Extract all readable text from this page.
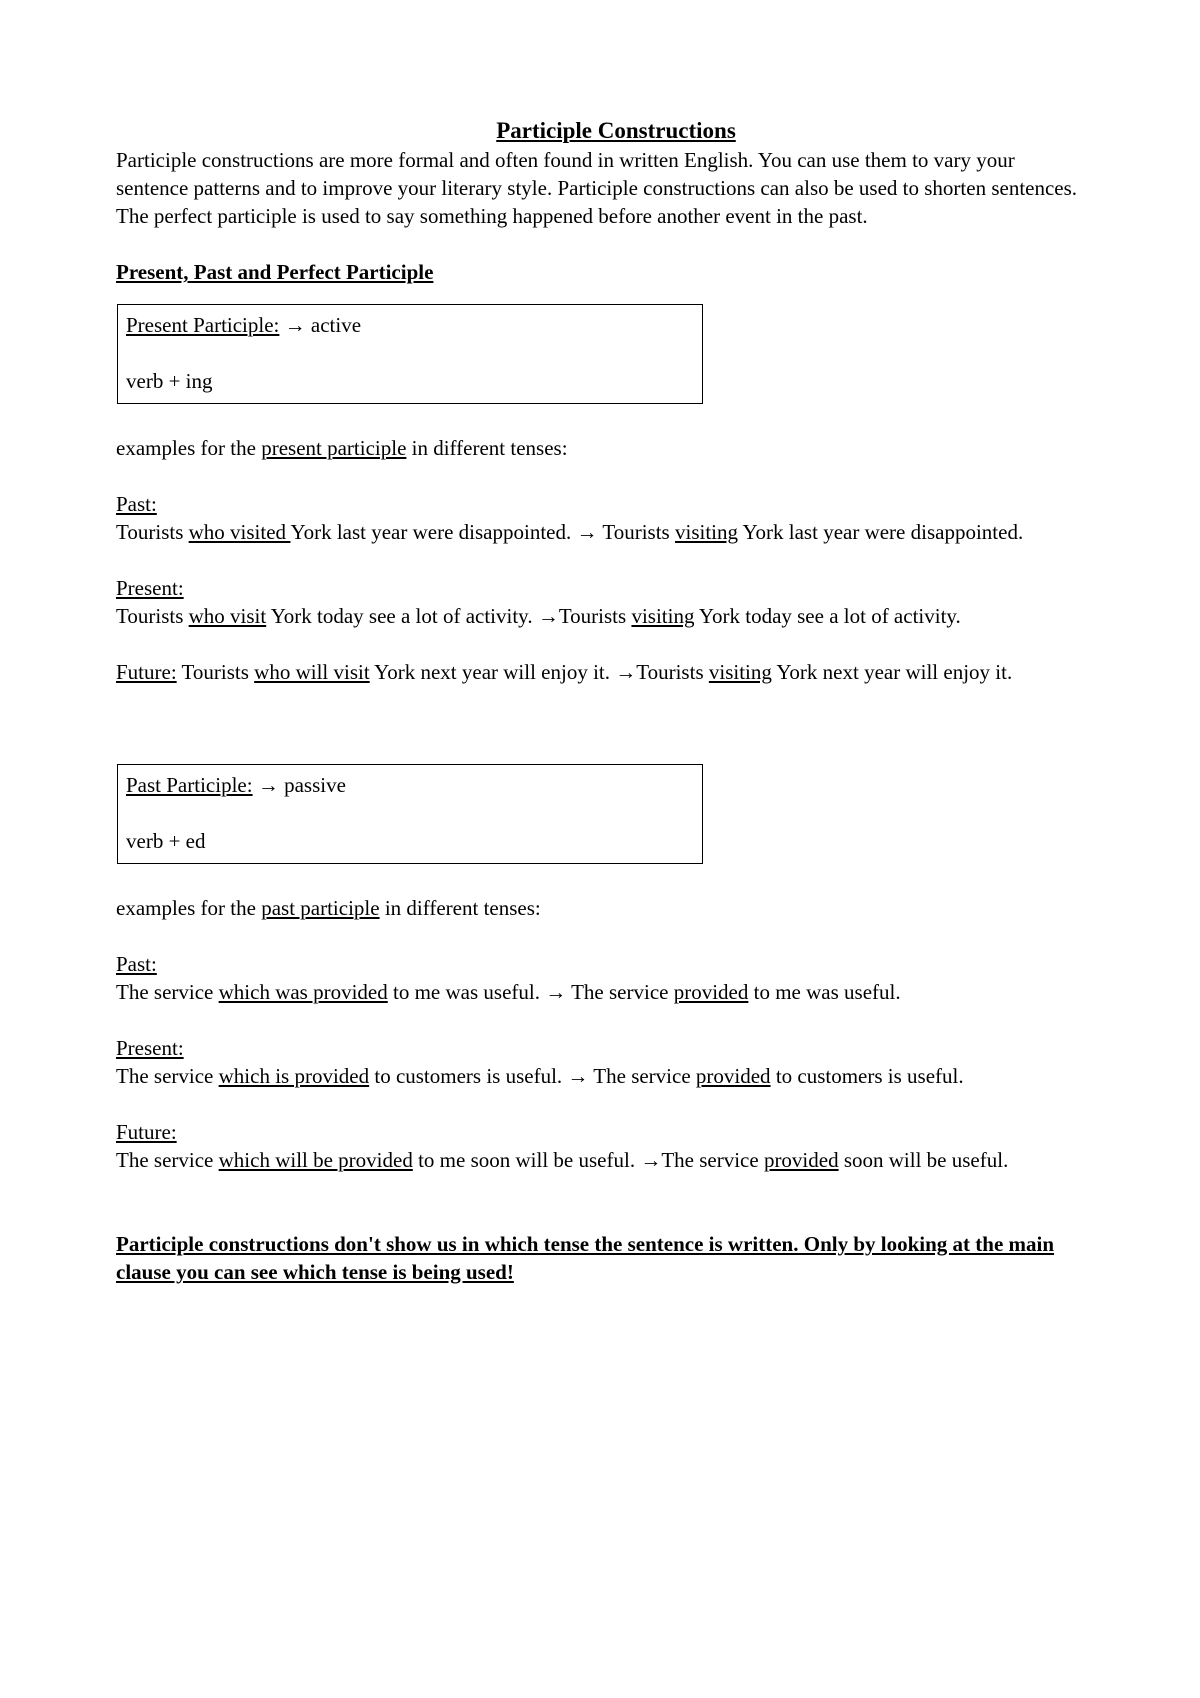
Participle Constructions

Participle constructions are more formal and often found in written English. You can use them to vary your sentence patterns and to improve your literary style. Participle constructions can also be used to shorten sentences. The perfect participle is used to say something happened before another event in the past.

Present, Past and Perfect Participle

Present Participle: → active
verb + ing

examples for the present participle in different tenses:

Past:

Tourists who visited York last year were disappointed. → Tourists visiting York last year were disappointed.

Present:

Tourists who visit York today see a lot of activity. →Tourists visiting York today see a lot of activity.

Future: Tourists who will visit York next year will enjoy it. →Tourists visiting York next year will enjoy it.

Past Participle: → passive
verb + ed

examples for the past participle in different tenses:

Past:

The service which was provided to me was useful. → The service provided to me was useful.

Present:

The service which is provided to customers is useful. → The service provided to customers is useful.

Future:

The service which will be provided to me soon will be useful. →The service provided soon will be useful.

Participle constructions don't show us in which tense the sentence is written. Only by looking at the main clause you can see which tense is being used!
